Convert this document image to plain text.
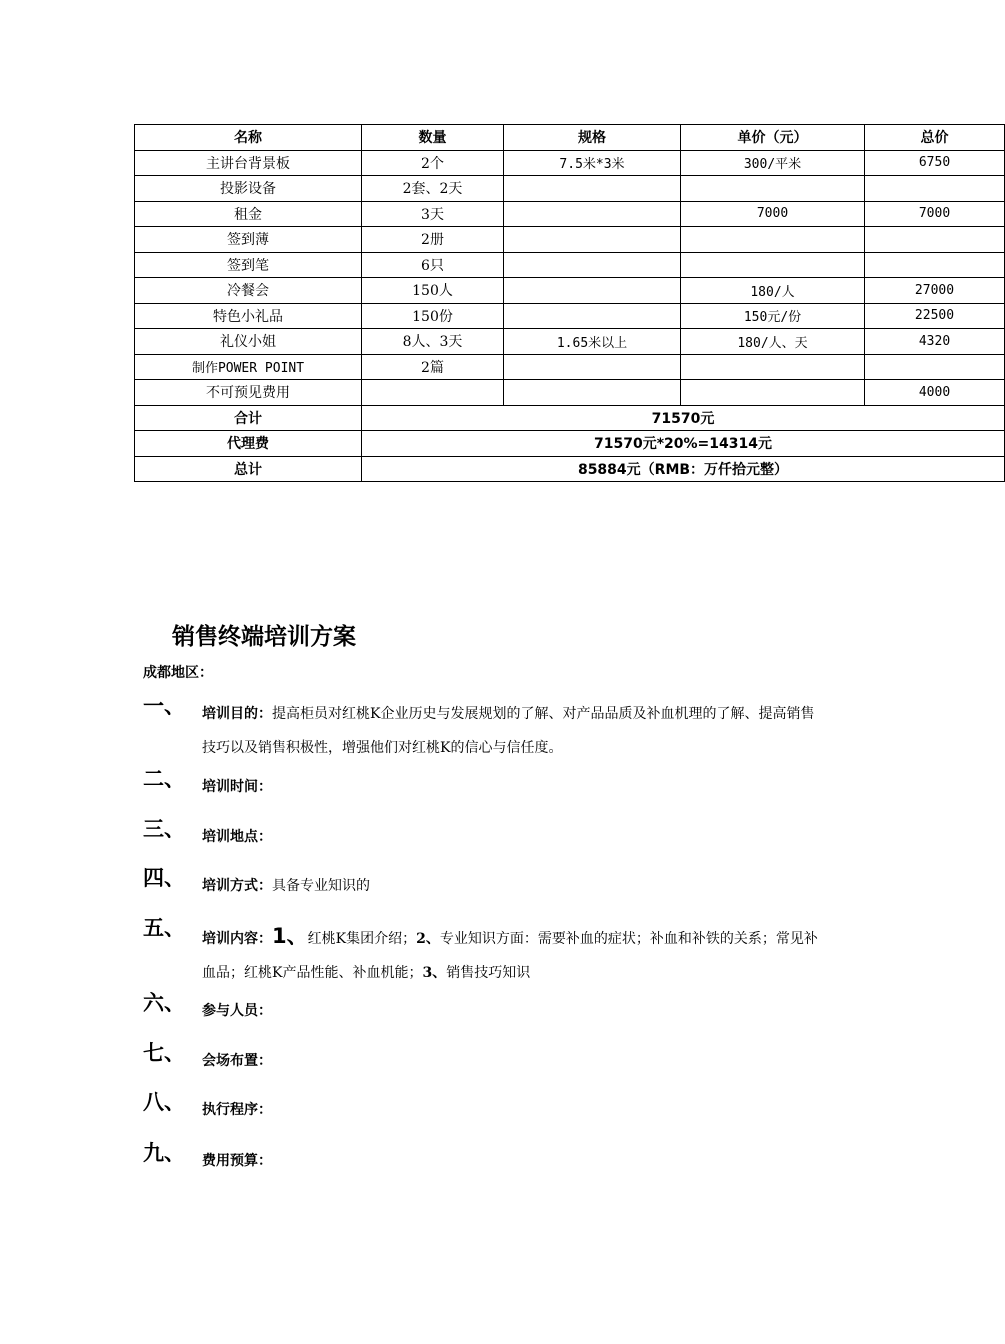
名称	数量	规格	单价（元）	总价
主讲台背景板	2个	7.5米*3米	300/平米	6750
投影设备	2套、2天			
租金	3天		7000	7000
签到薄	2册			
签到笔	6只			
冷餐会	150人		180/人	27000
特色小礼品	150份		150元/份	22500
礼仪小姐	8人、3天	1.65米以上	180/人、天	4320
制作POWER POINT	2篇			
不可预见费用				4000
合计	71570元			
代理费	71570元*20%=14314元			
总计	85884元（RMB：万仟拾元整）			
销售终端培训方案
成都地区：
一、 培训目的：提高柜员对红桃K企业历史与发展规划的了解、对产品品质及补血机理的了解、提高销售技巧以及销售积极性，增强他们对红桃K的信心与信任度。
二、 培训时间：
三、 培训地点：
四、 培训方式：具备专业知识的
五、 培训内容：1、红桃K集团介绍；2、专业知识方面：需要补血的症状；补血和补铁的关系；常见补血品；红桃K产品性能、补血机能；3、销售技巧知识
六、 参与人员：
七、 会场布置：
八、 执行程序：
九、 费用预算：
